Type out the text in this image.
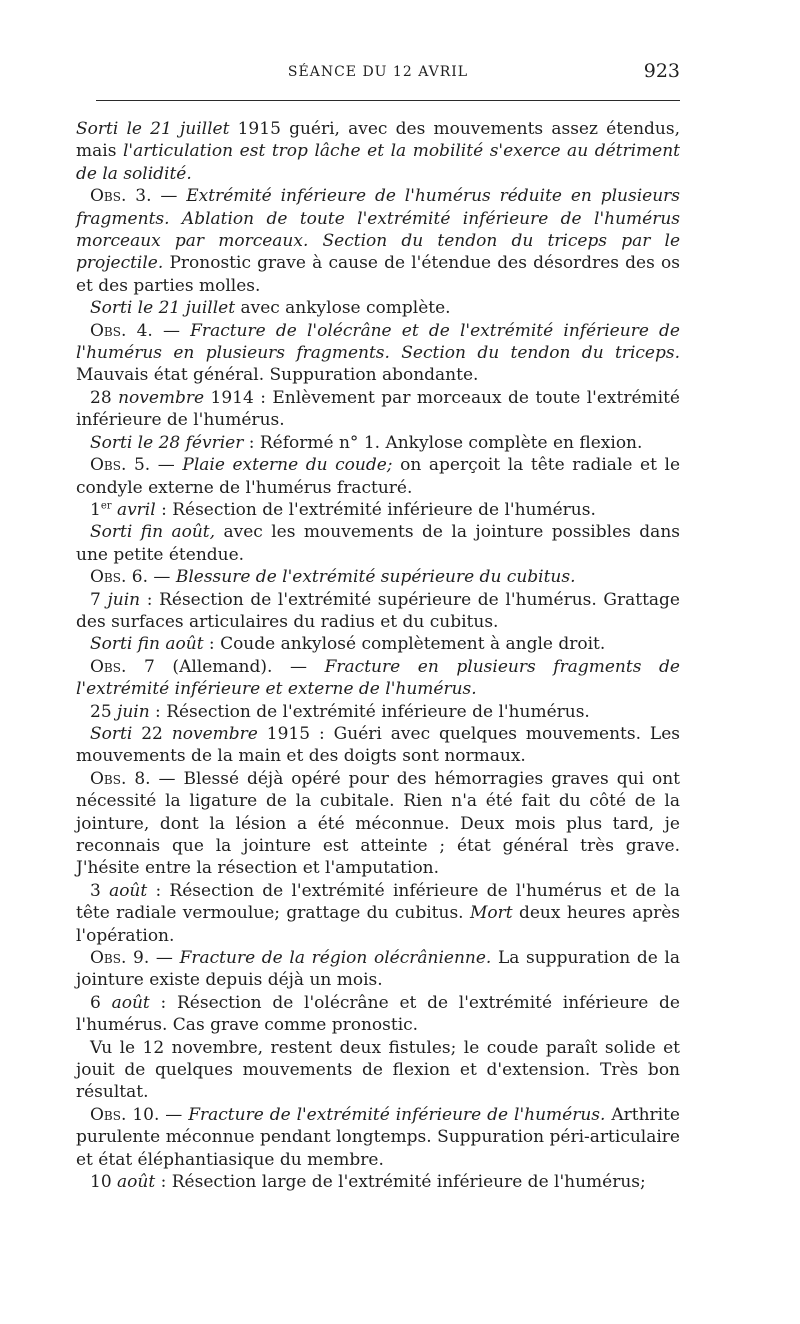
SÉANCE DU 12 AVRIL	923

Sorti le 21 juillet 1915 guéri, avec des mouvements assez étendus, mais l'articulation est trop lâche et la mobilité s'exerce au détriment de la solidité.

Obs. 3. — Extrémité inférieure de l'humérus réduite en plusieurs fragments. Ablation de toute l'extrémité inférieure de l'humérus morceaux par morceaux. Section du tendon du triceps par le projectile. Pronostic grave à cause de l'étendue des désordres des os et des parties molles.

Sorti le 21 juillet avec ankylose complète.

Obs. 4. — Fracture de l'olécrâne et de l'extrémité inférieure de l'humérus en plusieurs fragments. Section du tendon du triceps. Mauvais état général. Suppuration abondante.

28 novembre 1914 : Enlèvement par morceaux de toute l'extrémité inférieure de l'humérus.

Sorti le 28 février : Réformé n° 1. Ankylose complète en flexion.

Obs. 5. — Plaie externe du coude; on aperçoit la tête radiale et le condyle externe de l'humérus fracturé.

1er avril : Résection de l'extrémité inférieure de l'humérus.

Sorti fin août, avec les mouvements de la jointure possibles dans une petite étendue.

Obs. 6. — Blessure de l'extrémité supérieure du cubitus.

7 juin : Résection de l'extrémité supérieure de l'humérus. Grattage des surfaces articulaires du radius et du cubitus.

Sorti fin août : Coude ankylosé complètement à angle droit.

Obs. 7 (Allemand). — Fracture en plusieurs fragments de l'extrémité inférieure et externe de l'humérus.

25 juin : Résection de l'extrémité inférieure de l'humérus.

Sorti 22 novembre 1915 : Guéri avec quelques mouvements. Les mouvements de la main et des doigts sont normaux.

Obs. 8. — Blessé déjà opéré pour des hémorragies graves qui ont nécessité la ligature de la cubitale. Rien n'a été fait du côté de la jointure, dont la lésion a été méconnue. Deux mois plus tard, je reconnais que la jointure est atteinte ; état général très grave. J'hésite entre la résection et l'amputation.

3 août : Résection de l'extrémité inférieure de l'humérus et de la tête radiale vermoulue; grattage du cubitus. Mort deux heures après l'opération.

Obs. 9. — Fracture de la région olécrânienne. La suppuration de la jointure existe depuis déjà un mois.

6 août : Résection de l'olécrâne et de l'extrémité inférieure de l'humérus. Cas grave comme pronostic.

Vu le 12 novembre, restent deux fistules; le coude paraît solide et jouit de quelques mouvements de flexion et d'extension. Très bon résultat.

Obs. 10. — Fracture de l'extrémité inférieure de l'humérus. Arthrite purulente méconnue pendant longtemps. Suppuration péri-articulaire et état éléphantiasique du membre.

10 août : Résection large de l'extrémité inférieure de l'humérus;
